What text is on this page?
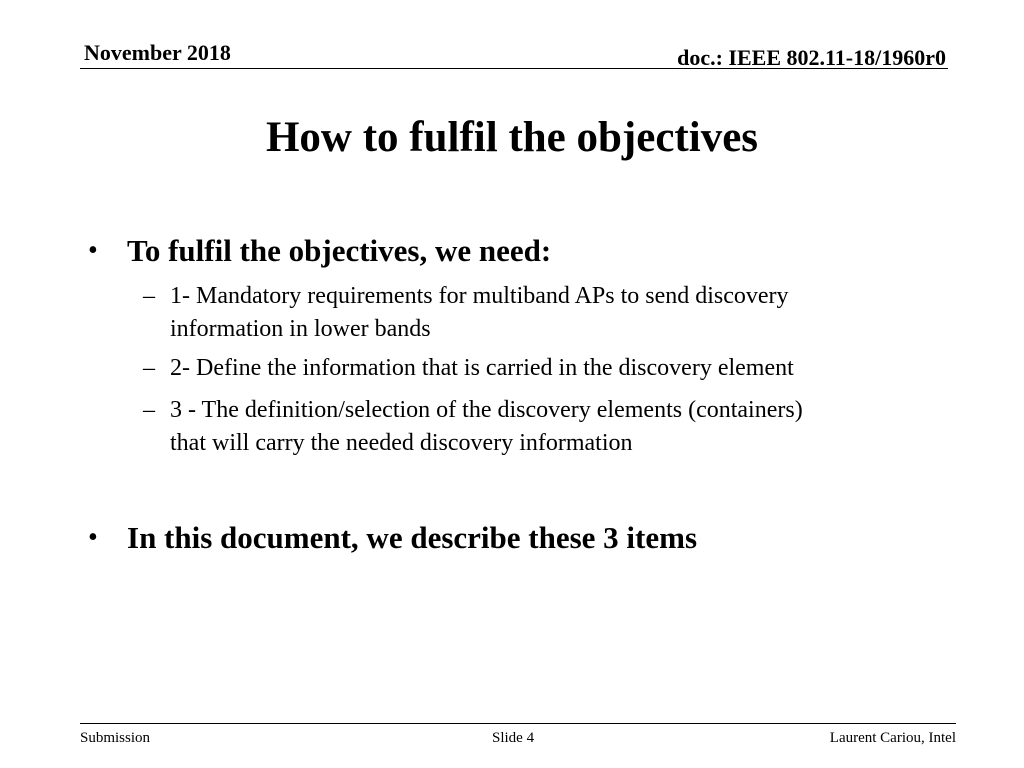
November 2018	doc.: IEEE 802.11-18/1960r0
How to fulfil the objectives
• To fulfil the objectives, we need:
– 1- Mandatory requirements for multiband APs to send discovery
information in lower bands
– 2- Define the information that is carried in the discovery element
– 3 - The definition/selection of the discovery elements (containers)
that will carry the needed discovery information
• In this document, we describe these 3 items
Submission	Slide 4	Laurent Cariou, Intel
